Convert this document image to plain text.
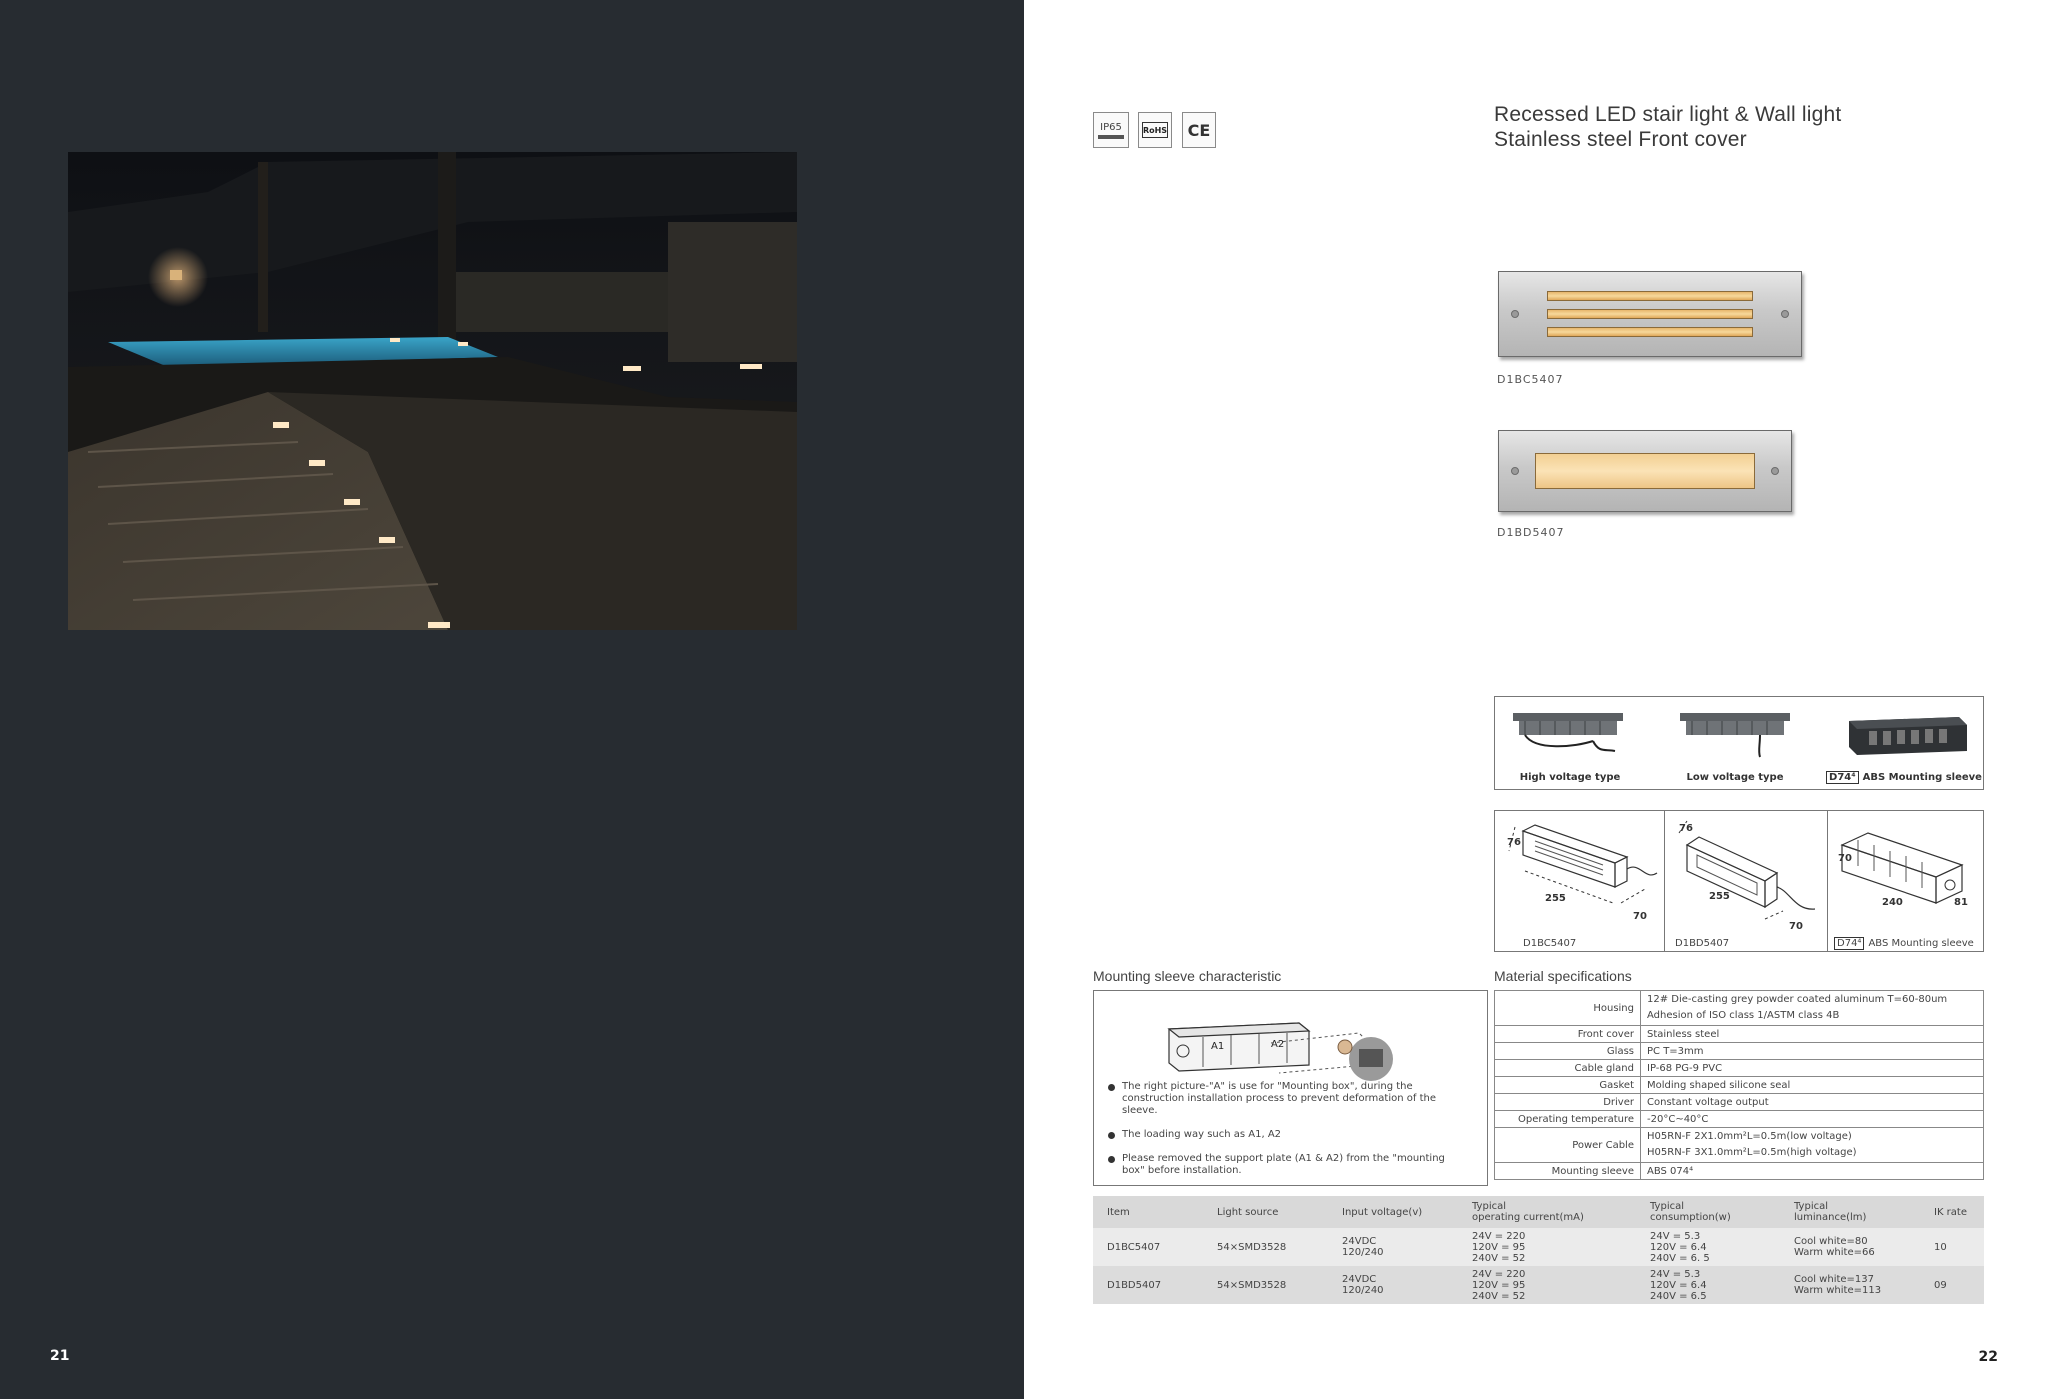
21
IP65	RoHS CE
Recessed LED stair light & Wall light
Stainless steel Front cover
D1BC5407
D1BD5407
High voltage type	Low voltage type	D74⁴ ABS Mounting sleeve
76
255
70
D1BC5407
76
255
70
D1BD5407
70
240	81
D74⁴ ABS Mounting sleeve
Mounting sleeve characteristic
A1	A2
The right picture-"A" is use for "Mounting box", during the construction installation process to prevent deformation of the sleeve.
The loading way such as A1, A2
Please removed the support plate (A1 & A2) from the "mounting box" before installation.
Material specifications
Housing	12# Die-casting grey powder coated aluminum T=60-80um
Adhesion of ISO class 1/ASTM class 4B

Front cover	Stainless steel
Glass	PC T=3mm
Cable gland	IP-68 PG-9 PVC
Gasket	Molding shaped silicone seal
Driver	Constant voltage output
Operating temperature	-20°C~40°C
Power Cable	H05RN-F 2X1.0mm²L=0.5m(low voltage)
H05RN-F 3X1.0mm²L=0.5m(high voltage)

Mounting sleeve	ABS 074⁴
Item	Light source	Input voltage(v)	Typical
operating current(mA)	Typical
consumption(w)	Typical
luminance(lm)	IK rate
D1BC5407	54×SMD3528	24VDC
120/240	24V = 220
120V = 95
240V = 52	24V = 5.3
120V = 6.4
240V = 6. 5	Cool white=80
Warm white=66	10
D1BD5407	54×SMD3528	24VDC
120/240	24V = 220
120V = 95
240V = 52	24V = 5.3
120V = 6.4
240V = 6.5	Cool white=137
Warm white=113	09
22
